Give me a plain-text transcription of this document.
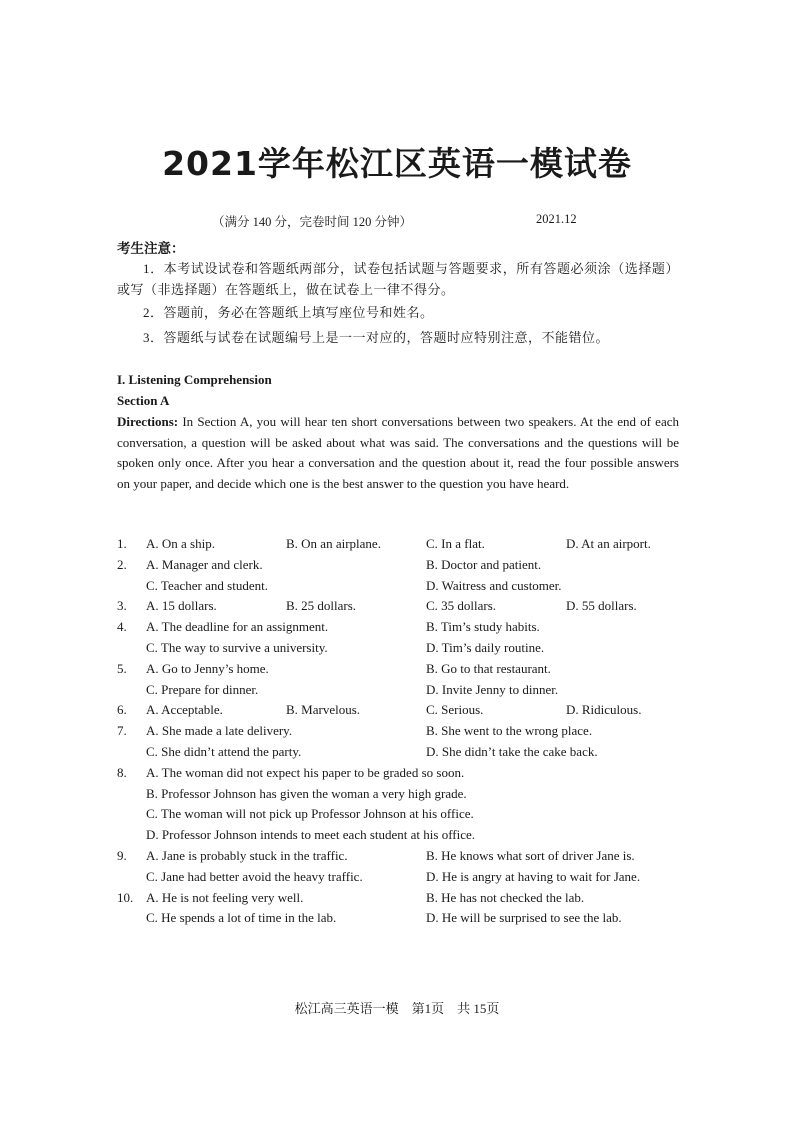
2021学年松江区英语一模试卷
（满分 140 分，完卷时间 120 分钟）	2021.12
考生注意：
1．本考试设试卷和答题纸两部分，试卷包括试题与答题要求，所有答题必须涂（选择题）或写（非选择题）在答题纸上，做在试卷上一律不得分。
2．答题前，务必在答题纸上填写座位号和姓名。
3．答题纸与试卷在试题编号上是一一对应的，答题时应特别注意，不能错位。
I. Listening Comprehension
Section A
Directions: In Section A, you will hear ten short conversations between two speakers. At the end of each conversation, a question will be asked about what was said. The conversations and the questions will be spoken only once. After you hear a conversation and the question about it, read the four possible answers on your paper, and decide which one is the best answer to the question you have heard.
1. A. On a ship.	B. On an airplane.	C. In a flat.	D. At an airport.
2. A. Manager and clerk.	B. Doctor and patient.
C. Teacher and student.	D. Waitress and customer.
3. A. 15 dollars.	B. 25 dollars.	C. 35 dollars.	D. 55 dollars.
4. A. The deadline for an assignment.	B. Tim’s study habits.
C. The way to survive a university.	D. Tim’s daily routine.
5. A. Go to Jenny’s home.	B. Go to that restaurant.
C. Prepare for dinner.	D. Invite Jenny to dinner.
6. A. Acceptable.	B. Marvelous.	C. Serious.	D. Ridiculous.
7. A. She made a late delivery.	B. She went to the wrong place.
C. She didn’t attend the party.	D. She didn’t take the cake back.
8. A. The woman did not expect his paper to be graded so soon.
B. Professor Johnson has given the woman a very high grade.
C. The woman will not pick up Professor Johnson at his office.
D. Professor Johnson intends to meet each student at his office.
9. A. Jane is probably stuck in the traffic.	B. He knows what sort of driver Jane is.
C. Jane had better avoid the heavy traffic.	D. He is angry at having to wait for Jane.
10. A. He is not feeling very well.	B. He has not checked the lab.
C. He spends a lot of time in the lab.	D. He will be surprised to see the lab.
松江高三英语一模　第1页　共 15页
